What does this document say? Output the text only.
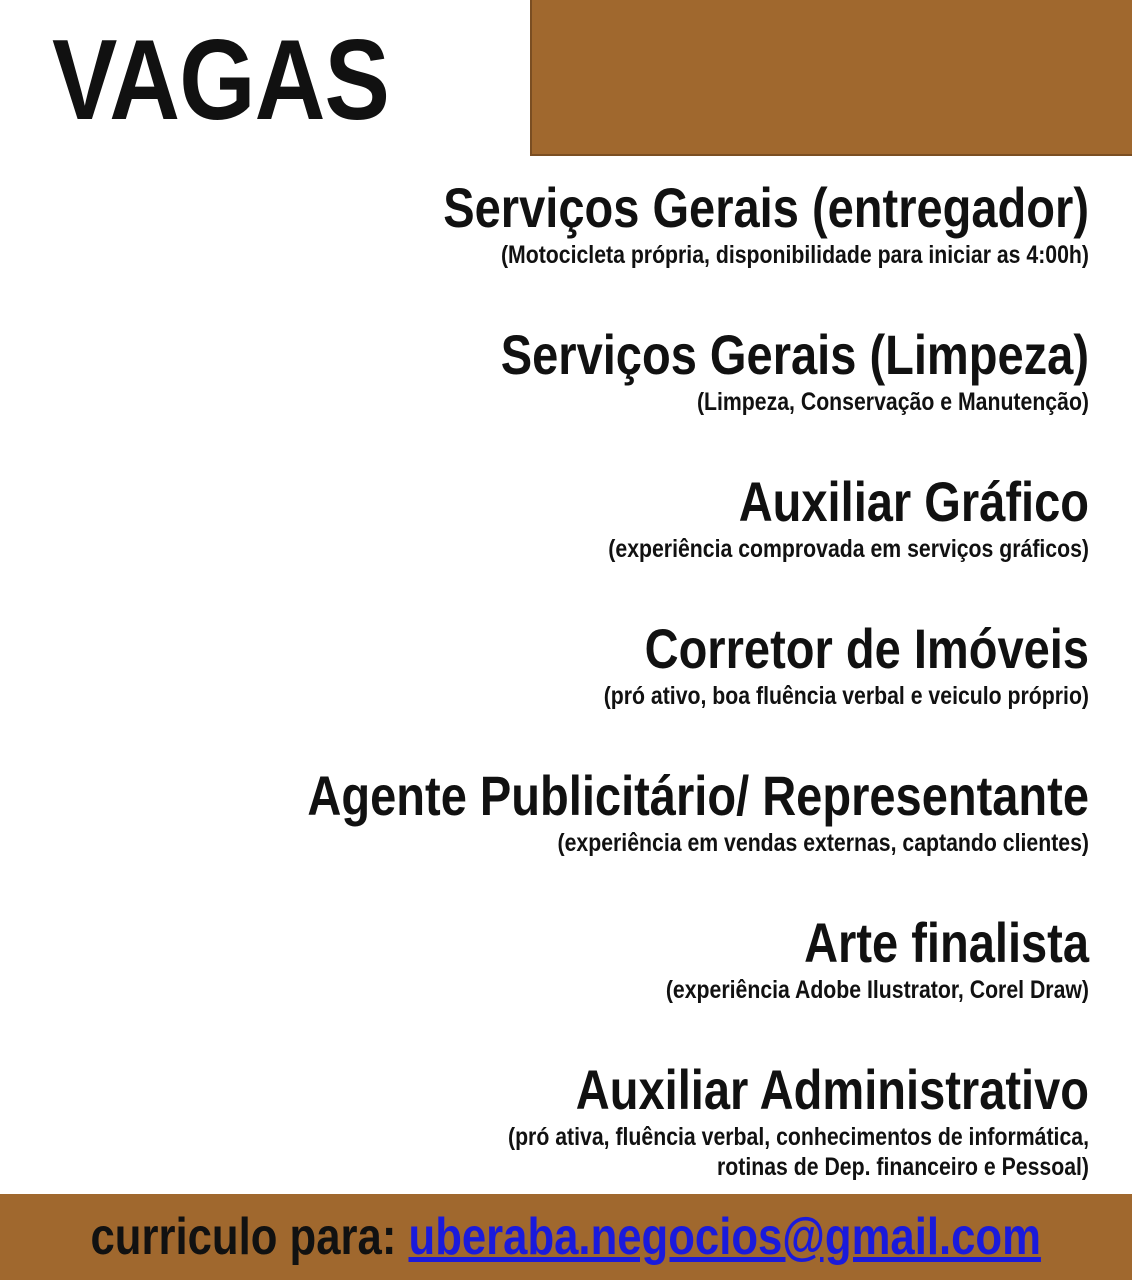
VAGAS
Serviços Gerais (entregador)
(Motocicleta própria, disponibilidade para iniciar as 4:00h)
Serviços Gerais (Limpeza)
(Limpeza, Conservação e Manutenção)
Auxiliar Gráfico
(experiência comprovada em serviços gráficos)
Corretor de Imóveis
(pró ativo, boa fluência verbal e veiculo próprio)
Agente Publicitário/ Representante
(experiência em vendas externas, captando clientes)
Arte finalista
(experiência Adobe Ilustrator, Corel Draw)
Auxiliar Administrativo
(pró ativa, fluência verbal, conhecimentos de informática,
rotinas de Dep. financeiro e Pessoal)
curriculo para: uberaba.negocios@gmail.com
